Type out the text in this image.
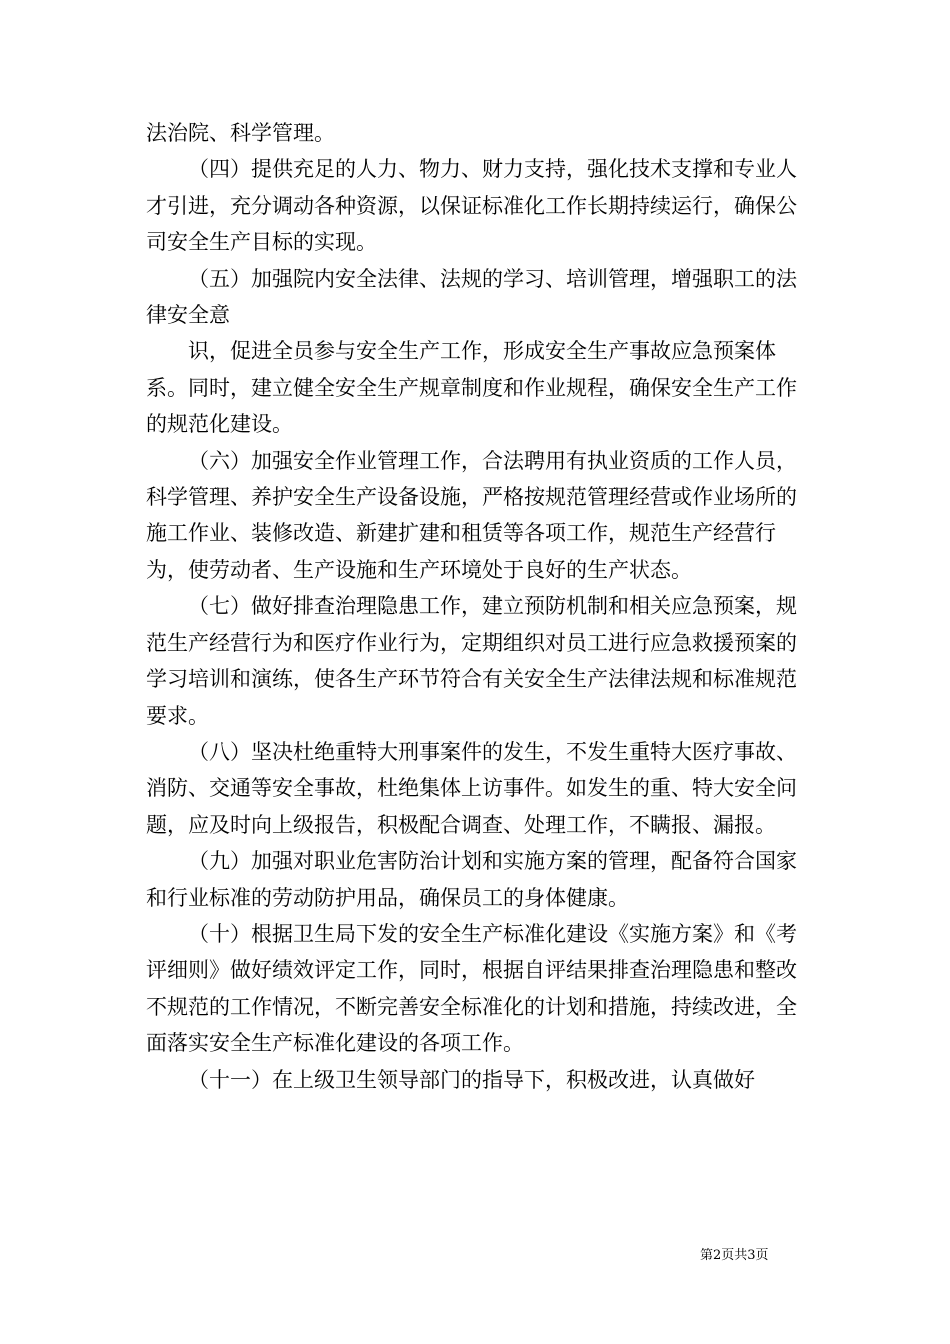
法治院、科学管理。

（四）提供充足的人力、物力、财力支持，强化技术支撑和专业人才引进，充分调动各种资源，以保证标准化工作长期持续运行，确保公司安全生产目标的实现。

（五）加强院内安全法律、法规的学习、培训管理，增强职工的法律安全意

识，促进全员参与安全生产工作，形成安全生产事故应急预案体系。同时，建立健全安全生产规章制度和作业规程，确保安全生产工作的规范化建设。

（六）加强安全作业管理工作，合法聘用有执业资质的工作人员，科学管理、养护安全生产设备设施，严格按规范管理经营或作业场所的施工作业、装修改造、新建扩建和租赁等各项工作，规范生产经营行为，使劳动者、生产设施和生产环境处于良好的生产状态。

（七）做好排查治理隐患工作，建立预防机制和相关应急预案，规范生产经营行为和医疗作业行为，定期组织对员工进行应急救援预案的学习培训和演练，使各生产环节符合有关安全生产法律法规和标准规范要求。

（八）坚决杜绝重特大刑事案件的发生，不发生重特大医疗事故、消防、交通等安全事故，杜绝集体上访事件。如发生的重、特大安全问题，应及时向上级报告，积极配合调查、处理工作，不瞒报、漏报。

（九）加强对职业危害防治计划和实施方案的管理，配备符合国家和行业标准的劳动防护用品，确保员工的身体健康。

（十）根据卫生局下发的安全生产标准化建设《实施方案》和《考评细则》做好绩效评定工作，同时，根据自评结果排查治理隐患和整改不规范的工作情况，不断完善安全标准化的计划和措施，持续改进，全面落实安全生产标准化建设的各项工作。

（十一）在上级卫生领导部门的指导下，积极改进，认真做好

第2页共3页
